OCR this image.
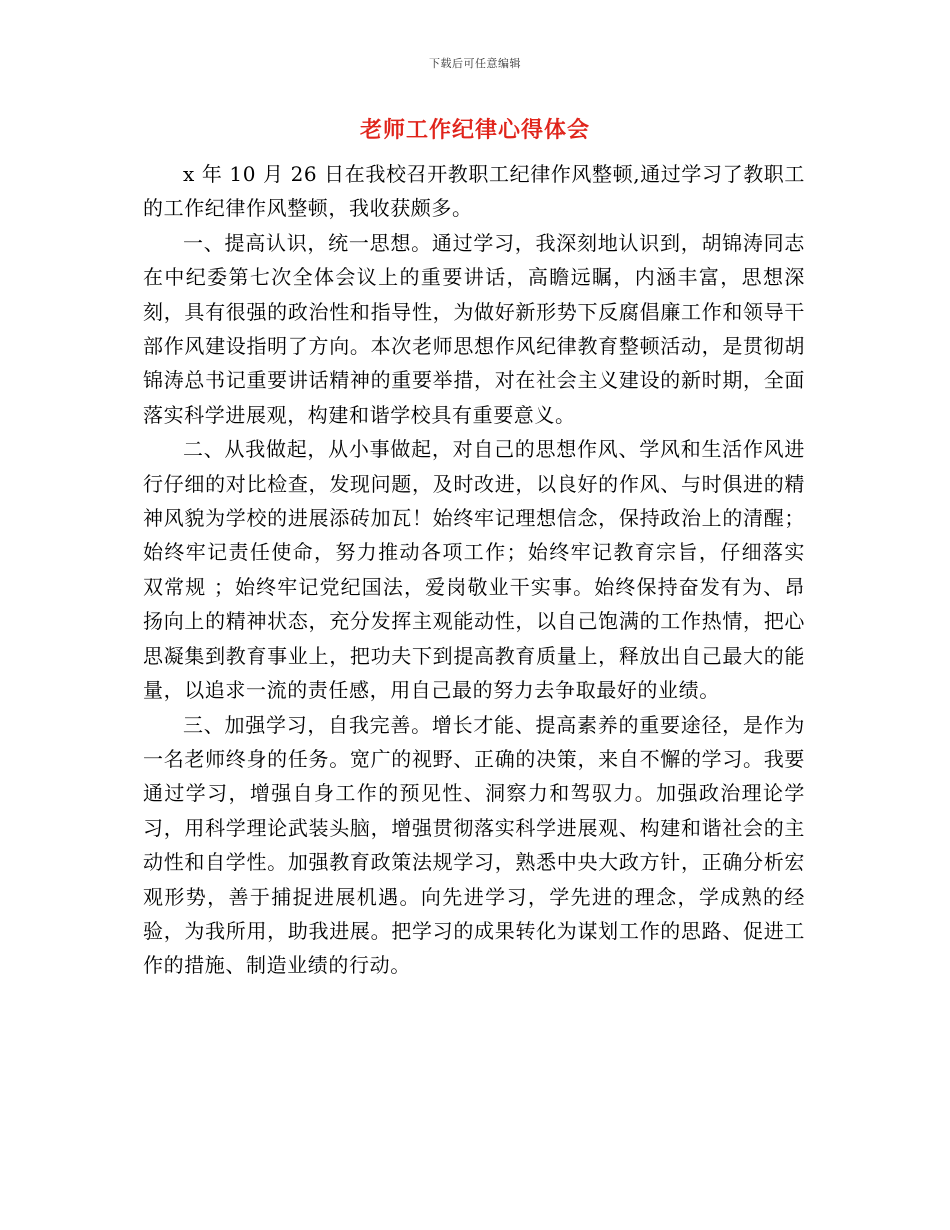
下载后可任意编辑
老师工作纪律心得体会

x 年 10 月 26 日在我校召开教职工纪律作风整顿,通过学习了教职工的工作纪律作风整顿，我收获颇多。

一、提高认识，统一思想。通过学习，我深刻地认识到，胡锦涛同志在中纪委第七次全体会议上的重要讲话，高瞻远瞩，内涵丰富，思想深刻，具有很强的政治性和指导性，为做好新形势下反腐倡廉工作和领导干部作风建设指明了方向。本次老师思想作风纪律教育整顿活动，是贯彻胡锦涛总书记重要讲话精神的重要举措，对在社会主义建设的新时期，全面落实科学进展观，构建和谐学校具有重要意义。

二、从我做起，从小事做起，对自己的思想作风、学风和生活作风进行仔细的对比检查，发现问题，及时改进，以良好的作风、与时俱进的精神风貌为学校的进展添砖加瓦！始终牢记理想信念，保持政治上的清醒；始终牢记责任使命，努力推动各项工作；始终牢记教育宗旨，仔细落实 双常规 ；始终牢记党纪国法，爱岗敬业干实事。始终保持奋发有为、昂扬向上的精神状态，充分发挥主观能动性，以自己饱满的工作热情，把心思凝集到教育事业上，把功夫下到提高教育质量上，释放出自己最大的能量，以追求一流的责任感，用自己最的努力去争取最好的业绩。

三、加强学习，自我完善。增长才能、提高素养的重要途径，是作为一名老师终身的任务。宽广的视野、正确的决策，来自不懈的学习。我要通过学习，增强自身工作的预见性、洞察力和驾驭力。加强政治理论学习，用科学理论武装头脑，增强贯彻落实科学进展观、构建和谐社会的主动性和自学性。加强教育政策法规学习，熟悉中央大政方针，正确分析宏观形势，善于捕捉进展机遇。向先进学习，学先进的理念，学成熟的经验，为我所用，助我进展。把学习的成果转化为谋划工作的思路、促进工作的措施、制造业绩的行动。
